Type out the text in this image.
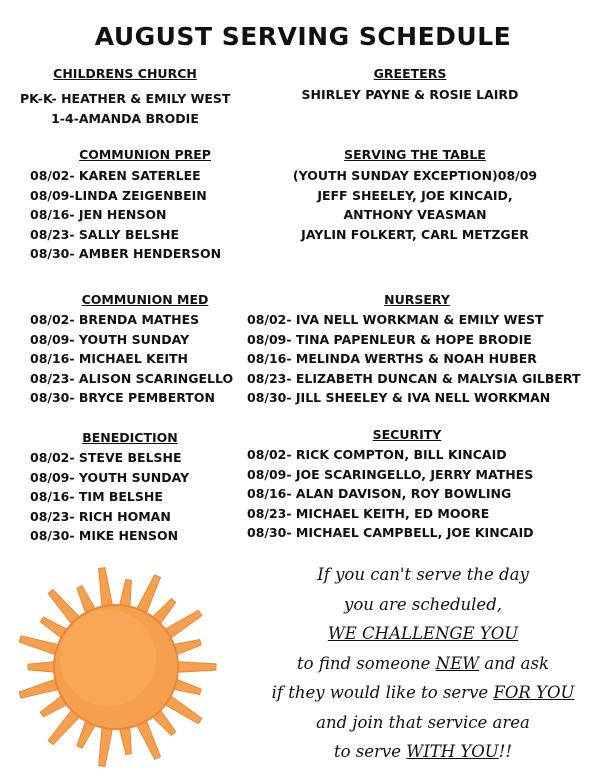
AUGUST SERVING SCHEDULE
CHILDRENS CHURCH
PK-K- HEATHER & EMILY WEST
1-4-AMANDA BRODIE
GREETERS
SHIRLEY PAYNE & ROSIE LAIRD
COMMUNION PREP
08/02- KAREN SATERLEE
08/09-LINDA ZEIGENBEIN
08/16- JEN HENSON
08/23- SALLY BELSHE
08/30- AMBER HENDERSON
SERVING THE TABLE
(YOUTH SUNDAY EXCEPTION)08/09
JEFF SHEELEY, JOE KINCAID,
ANTHONY VEASMAN
JAYLIN FOLKERT, CARL METZGER
COMMUNION MED
08/02- BRENDA MATHES
08/09- YOUTH SUNDAY
08/16- MICHAEL KEITH
08/23- ALISON SCARINGELLO
08/30- BRYCE PEMBERTON
NURSERY
08/02- IVA NELL WORKMAN & EMILY WEST
08/09- TINA PAPENLEUR & HOPE BRODIE
08/16- MELINDA WERTHS & NOAH HUBER
08/23- ELIZABETH DUNCAN & MALYSIA GILBERT
08/30- JILL SHEELEY & IVA NELL WORKMAN
BENEDICTION
08/02- STEVE BELSHE
08/09- YOUTH SUNDAY
08/16- TIM BELSHE
08/23- RICH HOMAN
08/30- MIKE HENSON
SECURITY
08/02- RICK COMPTON, BILL KINCAID
08/09- JOE SCARINGELLO, JERRY MATHES
08/16- ALAN DAVISON, ROY BOWLING
08/23- MICHAEL KEITH, ED MOORE
08/30- MICHAEL CAMPBELL, JOE KINCAID
If you can't serve the day
you are scheduled,
WE CHALLENGE YOU
to find someone NEW and ask
if they would like to serve FOR YOU
and join that service area
to serve WITH YOU!!
